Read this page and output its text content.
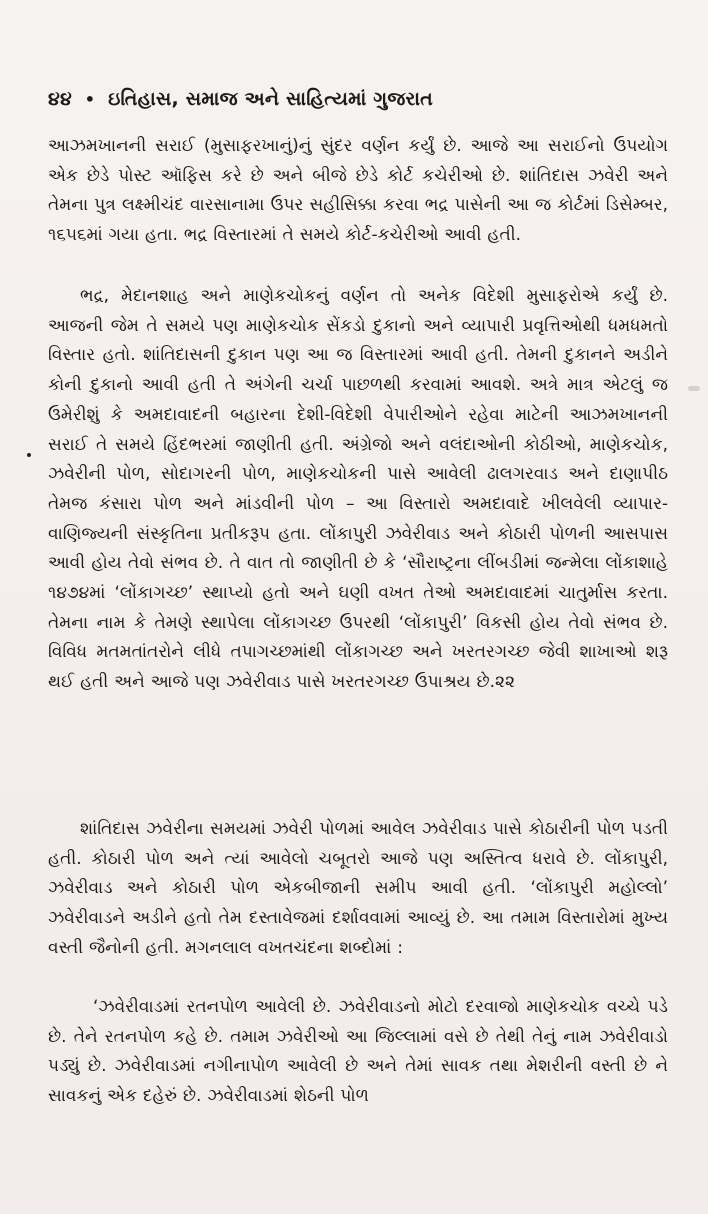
૪૪ • ઇતિહાસ, સમાજ અને સાહિત્યમાં ગુજરાત
આઝમખાનની સરાઈ (મુસાફરખાનું)નું સુંદર વર્ણન કર્યું છે. આજે આ સરાઈનો ઉપયોગ એક છેડે પોસ્ટ ઑફિસ કરે છે અને બીજે છેડે કોર્ટ કચેરીઓ છે. શાંતિદાસ ઝવેરી અને તેમના પુત્ર લક્ષ્મીચંદ વારસાનામા ઉપર સહીસિક્કા કરવા ભદ્ર પાસેની આ જ કોર્ટમાં ડિસેમ્બર, ૧૬૫૬માં ગયા હતા. ભદ્ર વિસ્તારમાં તે સમયે કોર્ટ-કચેરીઓ આવી હતી.
ભદ્ર, મેદાનશાહ અને માણેકચોકનું વર્ણન તો અનેક વિદેશી મુસાફરોએ કર્યું છે. આજની જેમ તે સમયે પણ માણેકચોક સેંકડો દુકાનો અને વ્યાપારી પ્રવૃત્તિઓથી ધમધમતો વિસ્તાર હતો. શાંતિદાસની દુકાન પણ આ જ વિસ્તારમાં આવી હતી. તેમની દુકાનને અડીને કોની દુકાનો આવી હતી તે અંગેની ચર્ચા પાછળથી કરવામાં આવશે. અત્રે માત્ર એટલું જ ઉમેરીશું કે અમદાવાદની બહારના દેશી-વિદેશી વેપારીઓને રહેવા માટેની આઝમખાનની સરાઈ તે સમયે હિંદભરમાં જાણીતી હતી. અંગ્રેજો અને વલંદાઓની કોઠીઓ, માણેકચોક, ઝવેરીની પોળ, સોદાગરની પોળ, માણેકચોકની પાસે આવેલી ઢાલગરવાડ અને દાણાપીઠ તેમજ કંસારા પોળ અને માંડવીની પોળ – આ વિસ્તારો અમદાવાદે ખીલવેલી વ્યાપાર-વાણિજ્યની સંસ્કૃતિના પ્રતીકરૂપ હતા. લોંકાપુરી ઝવેરીવાડ અને કોઠારી પોળની આસપાસ આવી હોય તેવો સંભવ છે. તે વાત તો જાણીતી છે કે ‘સૌરાષ્ટ્રના લીંબડીમાં જન્મેલા લોંકાશાહે ૧૪૭૪માં ‘લોંકાગચ્છ’ સ્થાપ્યો હતો અને ઘણી વખત તેઓ અમદાવાદમાં ચાતુર્માસ કરતા. તેમના નામ કે તેમણે સ્થાપેલા લોંકાગચ્છ ઉપરથી ‘લોંકાપુરી’ વિકસી હોય તેવો સંભવ છે. વિવિધ મતમતાંતરોને લીધે તપાગચ્છમાંથી લોંકાગચ્છ અને ખરતરગચ્છ જેવી શાખાઓ શરૂ થઈ હતી અને આજે પણ ઝવેરીવાડ પાસે ખરતરગચ્છ ઉપાશ્રય છે.૨૨
શાંતિદાસ ઝવેરીના સમયમાં ઝવેરી પોળમાં આવેલ ઝવેરીવાડ પાસે કોઠારીની પોળ પડતી હતી. કોઠારી પોળ અને ત્યાં આવેલો ચબૂતરો આજે પણ અસ્તિત્વ ધરાવે છે. લોંકાપુરી, ઝવેરીવાડ અને કોઠારી પોળ એકબીજાની સમીપ આવી હતી. ‘લોંકાપુરી મહોલ્લો’ ઝવેરીવાડને અડીને હતો તેમ દસ્તાવેજમાં દર્શાવવામાં આવ્યું છે. આ તમામ વિસ્તારોમાં મુખ્ય વસ્તી જૈનોની હતી. મગનલાલ વખતચંદના શબ્દોમાં :
‘ઝવેરીવાડમાં રતનપોળ આવેલી છે. ઝવેરીવાડનો મોટો દરવાજો માણેકચોક વચ્ચે પડે છે. તેને રતનપોળ કહે છે. તમામ ઝવેરીઓ આ જિલ્લામાં વસે છે તેથી તેનું નામ ઝવેરીવાડો પડ્યું છે. ઝવેરીવાડમાં નગીનાપોળ આવેલી છે અને તેમાં સાવક તથા મેશરીની વસ્તી છે ને સાવકનું એક દહેરું છે. ઝવેરીવાડમાં શેઠની પોળ
